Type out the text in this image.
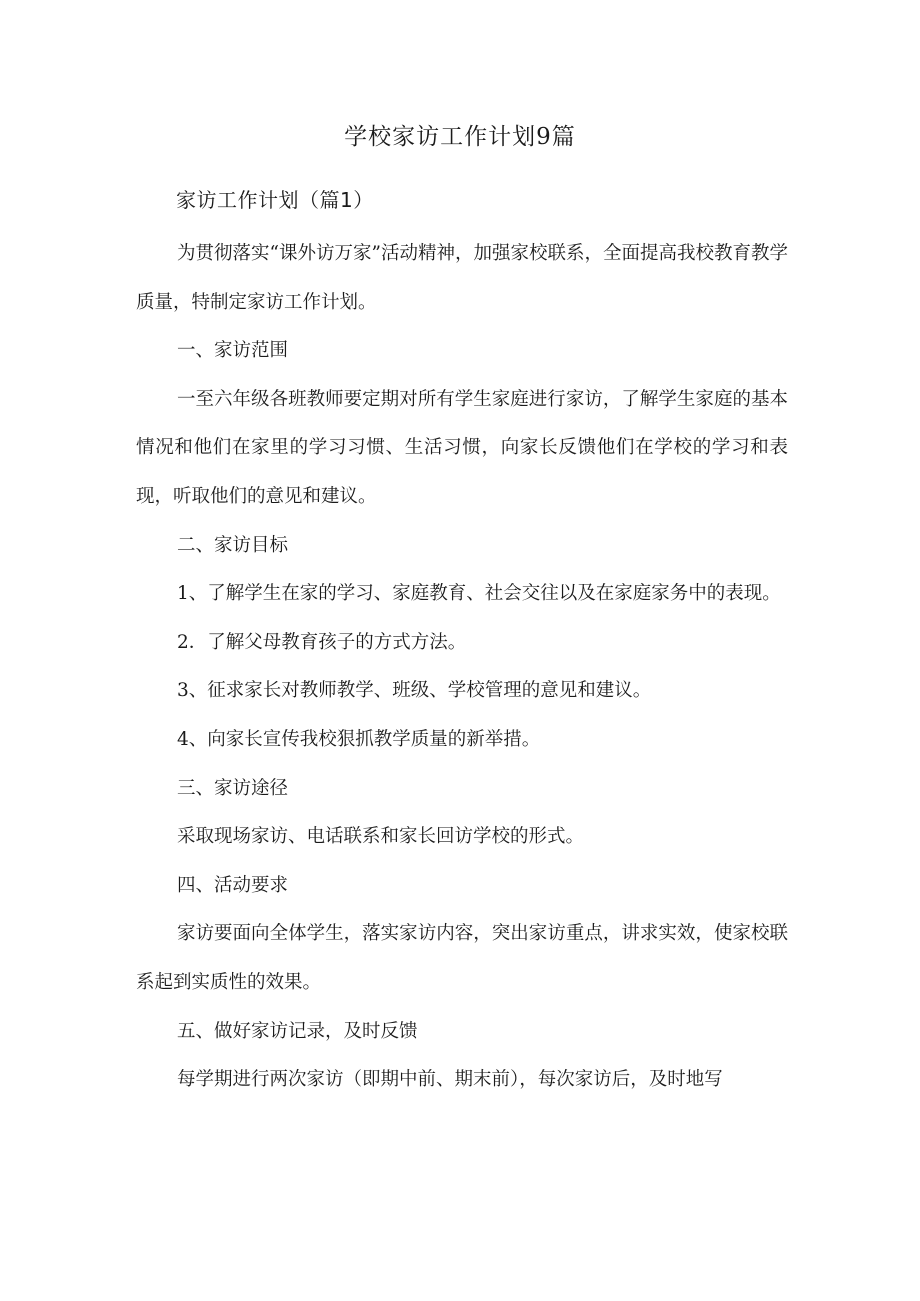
学校家访工作计划9篇
家访工作计划（篇1）

为贯彻落实“课外访万家”活动精神，加强家校联系，全面提高我校教育教学质量，特制定家访工作计划。

一、家访范围

一至六年级各班教师要定期对所有学生家庭进行家访，了解学生家庭的基本情况和他们在家里的学习习惯、生活习惯，向家长反馈他们在学校的学习和表现，听取他们的意见和建议。

二、家访目标

1、了解学生在家的学习、家庭教育、社会交往以及在家庭家务中的表现。

2．了解父母教育孩子的方式方法。

3、征求家长对教师教学、班级、学校管理的意见和建议。

4、向家长宣传我校狠抓教学质量的新举措。

三、家访途径

采取现场家访、电话联系和家长回访学校的形式。

四、活动要求

家访要面向全体学生，落实家访内容，突出家访重点，讲求实效，使家校联系起到实质性的效果。

五、做好家访记录，及时反馈

每学期进行两次家访（即期中前、期末前），每次家访后，及时地写
